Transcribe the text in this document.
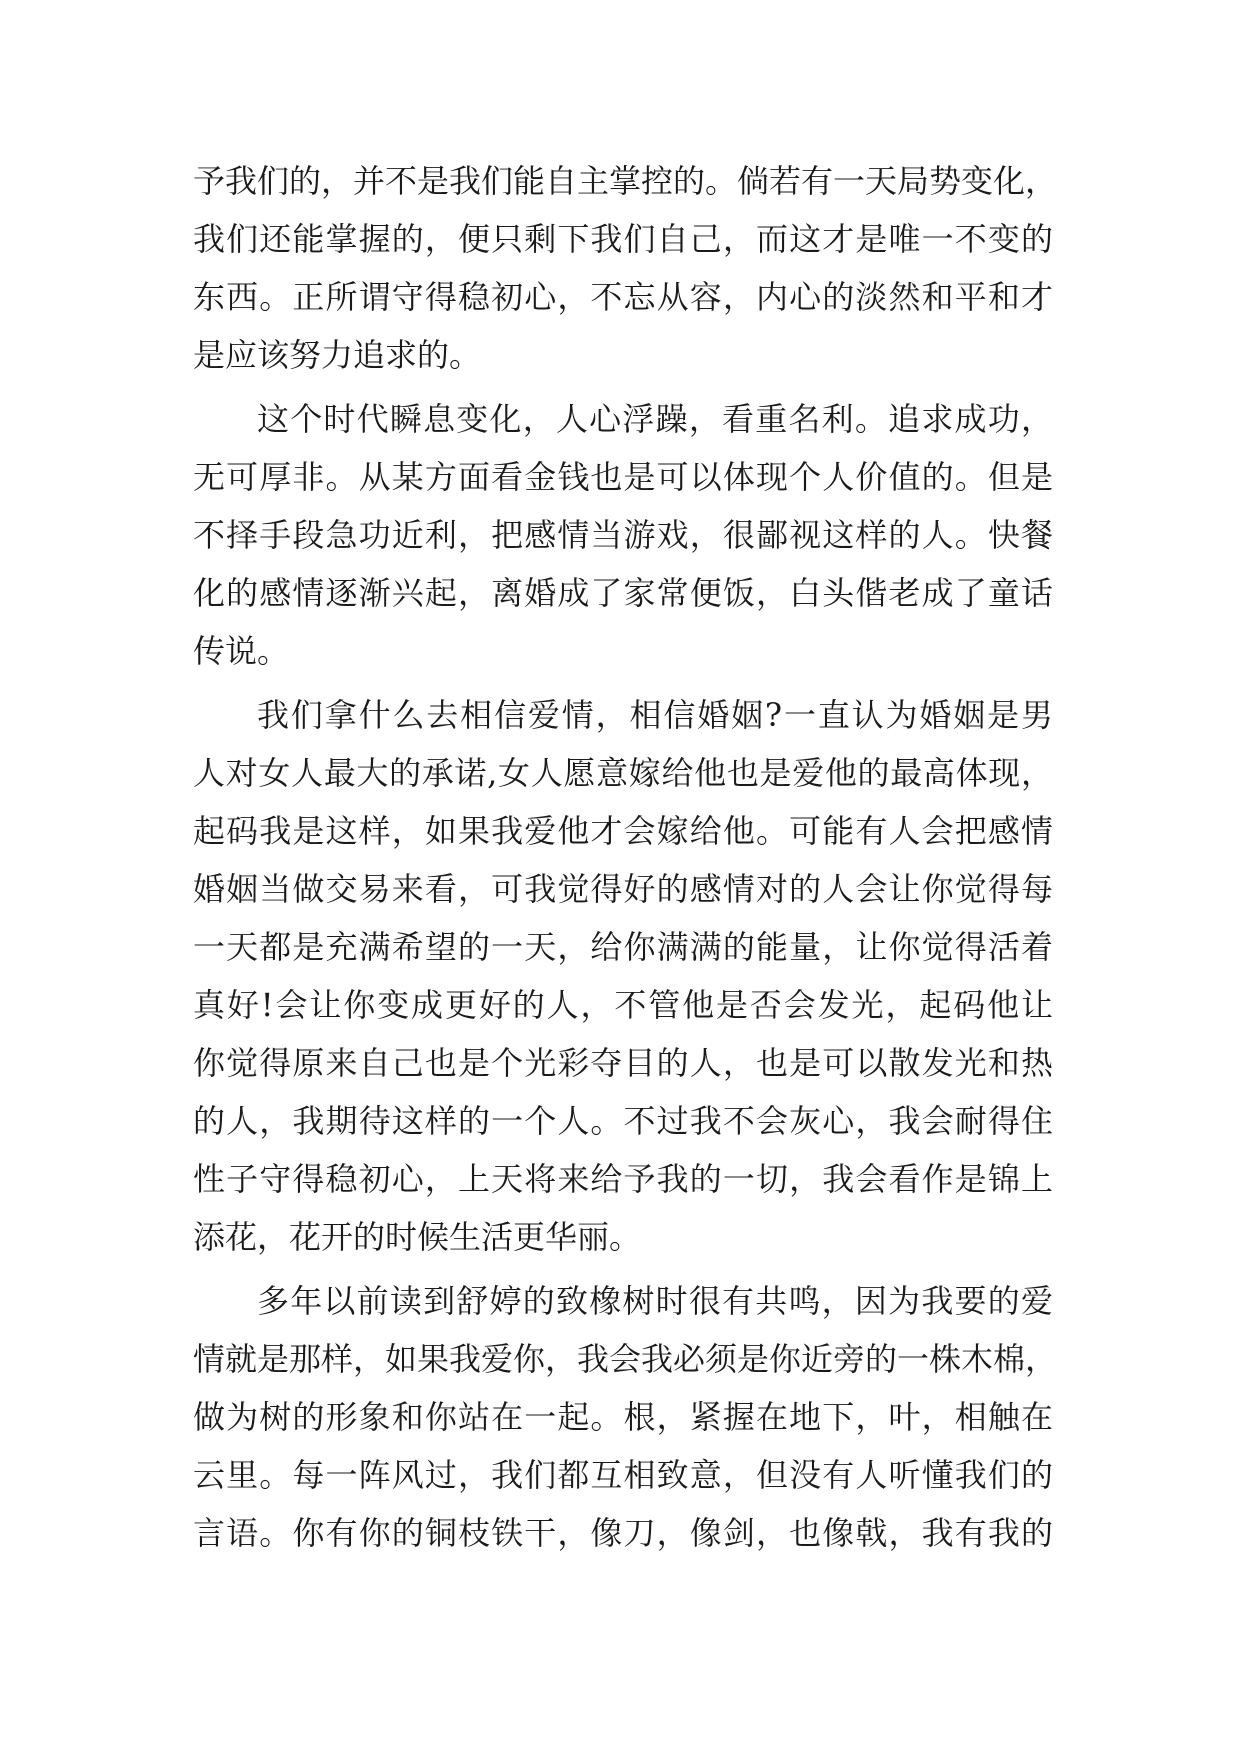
予我们的，并不是我们能自主掌控的。倘若有一天局势变化，
我们还能掌握的，便只剩下我们自己，而这才是唯一不变的
东西。正所谓守得稳初心，不忘从容，内心的淡然和平和才
是应该努力追求的。
这个时代瞬息变化，人心浮躁，看重名利。追求成功，
无可厚非。从某方面看金钱也是可以体现个人价值的。但是
不择手段急功近利，把感情当游戏，很鄙视这样的人。快餐
化的感情逐渐兴起，离婚成了家常便饭，白头偕老成了童话
传说。
我们拿什么去相信爱情，相信婚姻?一直认为婚姻是男
人对女人最大的承诺,女人愿意嫁给他也是爱他的最高体现，
起码我是这样，如果我爱他才会嫁给他。可能有人会把感情
婚姻当做交易来看，可我觉得好的感情对的人会让你觉得每
一天都是充满希望的一天，给你满满的能量，让你觉得活着
真好!会让你变成更好的人，不管他是否会发光，起码他让
你觉得原来自己也是个光彩夺目的人，也是可以散发光和热
的人，我期待这样的一个人。不过我不会灰心，我会耐得住
性子守得稳初心，上天将来给予我的一切，我会看作是锦上
添花，花开的时候生活更华丽。
多年以前读到舒婷的致橡树时很有共鸣，因为我要的爱
情就是那样，如果我爱你，我会我必须是你近旁的一株木棉，
做为树的形象和你站在一起。根，紧握在地下，叶，相触在
云里。每一阵风过，我们都互相致意，但没有人听懂我们的
言语。你有你的铜枝铁干，像刀，像剑，也像戟，我有我的
